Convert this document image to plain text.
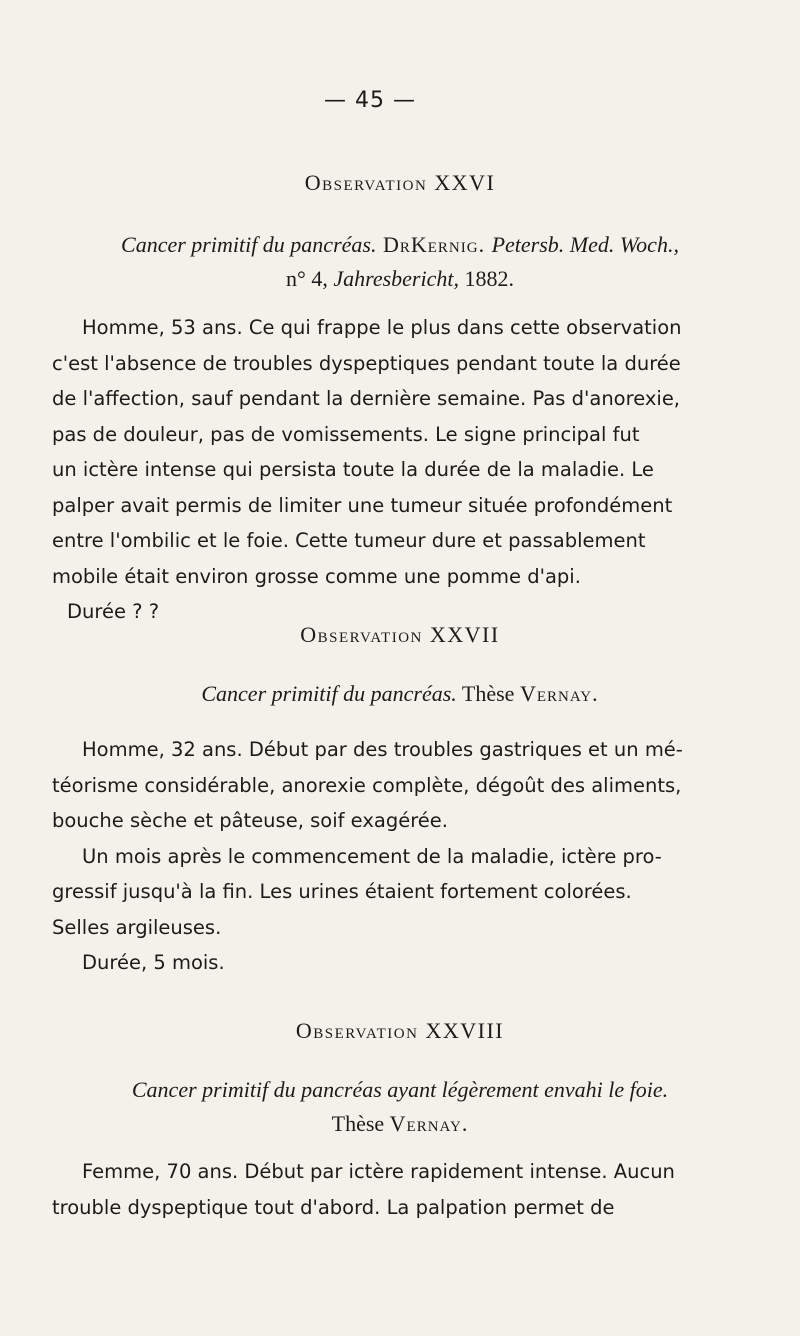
— 45 —
Observation XXVI
Cancer primitif du pancréas. DrKernig. Petersb. Med. Woch.,
n° 4, Jahresbericht, 1882.
Homme, 53 ans. Ce qui frappe le plus dans cette observation
c'est l'absence de troubles dyspeptiques pendant toute la durée
de l'affection, sauf pendant la dernière semaine. Pas d'anorexie,
pas de douleur, pas de vomissements. Le signe principal fut
un ictère intense qui persista toute la durée de la maladie. Le
palper avait permis de limiter une tumeur située profondément
entre l'ombilic et le foie. Cette tumeur dure et passablement
mobile était environ grosse comme une pomme d'api.
Durée ? ?
Observation XXVII
Cancer primitif du pancréas. Thèse Vernay.
Homme, 32 ans. Début par des troubles gastriques et un mé-
téorisme considérable, anorexie complète, dégoût des aliments,
bouche sèche et pâteuse, soif exagérée.
Un mois après le commencement de la maladie, ictère pro-
gressif jusqu'à la fin. Les urines étaient fortement colorées.
Selles argileuses.
Durée, 5 mois.
Observation XXVIII
Cancer primitif du pancréas ayant légèrement envahi le foie.
Thèse Vernay.
Femme, 70 ans. Début par ictère rapidement intense. Aucun
trouble dyspeptique tout d'abord. La palpation permet de
